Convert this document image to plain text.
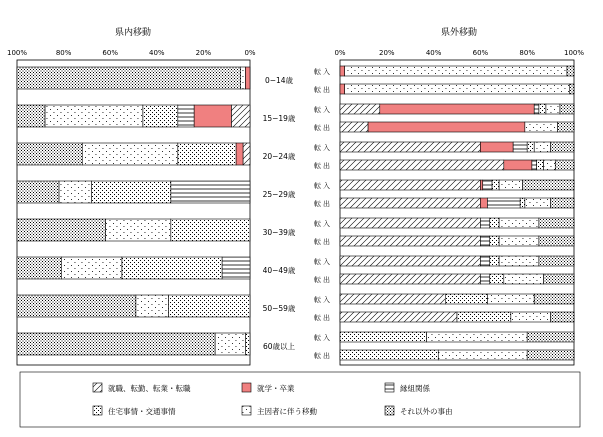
県内移動	県外移動
100%	80%	60%	40%	20%	0%	0%	20%	40%	60%	80%	100%
0−14歳
15−19歳
20−24歳
25−29歳
30−39歳
40−49歳
50−59歳
60歳以上
転入
転出
転入
転出
転入
転出
転入
転出
転入
転出
転入
転出
転入
転出
転入
転出
就職、転勤、転業・転職	就学・卒業	縁組関係
住宅事情・交通事情	主因者に伴う移動	それ以外の事由
